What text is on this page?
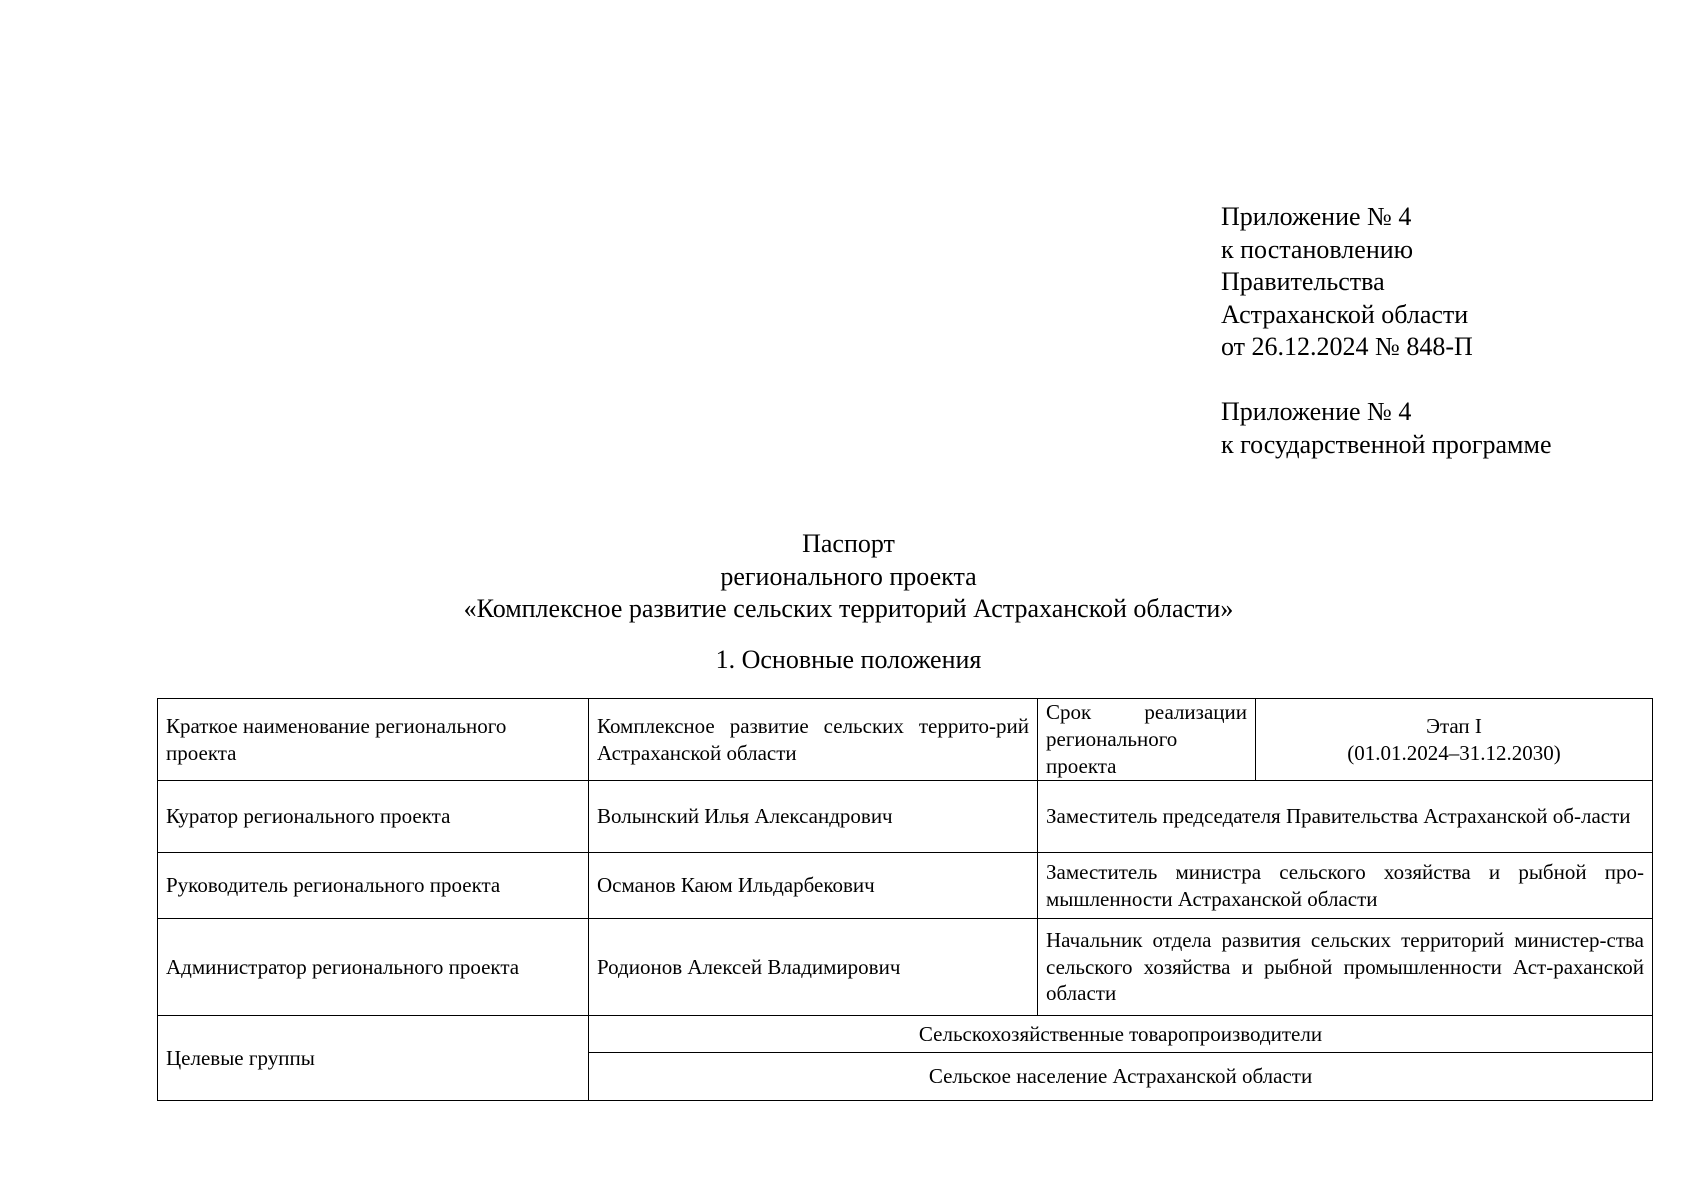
Приложение № 4
к постановлению
Правительства
Астраханской области
от 26.12.2024 № 848-П
Приложение № 4
к государственной программе
Паспорт
регионального проекта
«Комплексное развитие сельских территорий Астраханской области»
1. Основные положения
Краткое наименование регионального проекта	Комплексное развитие сельских террито-рий Астраханской области	Срок реализации регионального проекта	Этап I
(01.01.2024–31.12.2030)

Куратор регионального проекта	Волынский Илья Александрович	Заместитель председателя Правительства Астраханской об-ласти	
Руководитель регионального проекта	Османов Каюм Ильдарбекович	Заместитель министра сельского хозяйства и рыбной про-мышленности Астраханской области	
Администратор регионального проекта	Родионов Алексей Владимирович	Начальник отдела развития сельских территорий министер-ства сельского хозяйства и рыбной промышленности Аст-раханской области	
Целевые группы	Сельскохозяйственные товаропроизводители		
	Сельское население Астраханской области		
